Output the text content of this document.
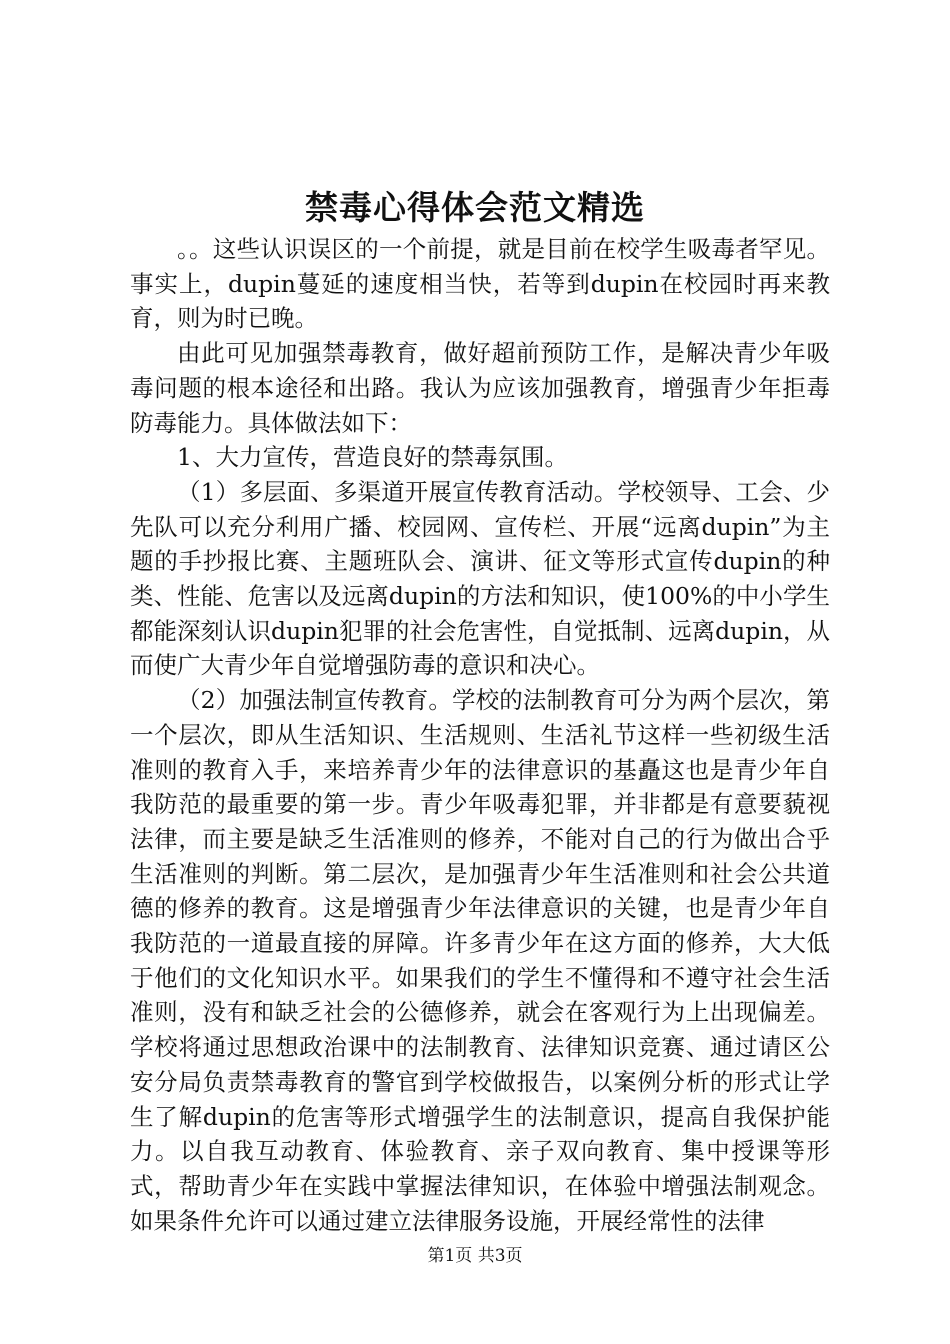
禁毒心得体会范文精选

。。这些认识误区的一个前提，就是目前在校学生吸毒者罕见。事实上，dupin蔓延的速度相当快，若等到dupin在校园时再来教育，则为时已晚。

由此可见加强禁毒教育，做好超前预防工作，是解决青少年吸毒问题的根本途径和出路。我认为应该加强教育，增强青少年拒毒防毒能力。具体做法如下：

1、大力宣传，营造良好的禁毒氛围。

（1）多层面、多渠道开展宣传教育活动。学校领导、工会、少先队可以充分利用广播、校园网、宣传栏、开展“远离dupin”为主题的手抄报比赛、主题班队会、演讲、征文等形式宣传dupin的种类、性能、危害以及远离dupin的方法和知识，使100%的中小学生都能深刻认识dupin犯罪的社会危害性，自觉抵制、远离dupin，从而使广大青少年自觉增强防毒的意识和决心。

（2）加强法制宣传教育。学校的法制教育可分为两个层次，第一个层次，即从生活知识、生活规则、生活礼节这样一些初级生活准则的教育入手，来培养青少年的法律意识的基矗这也是青少年自我防范的最重要的第一步。青少年吸毒犯罪，并非都是有意要藐视法律，而主要是缺乏生活准则的修养，不能对自己的行为做出合乎生活准则的判断。第二层次，是加强青少年生活准则和社会公共道德的修养的教育。这是增强青少年法律意识的关键，也是青少年自我防范的一道最直接的屏障。许多青少年在这方面的修养，大大低于他们的文化知识水平。如果我们的学生不懂得和不遵守社会生活准则，没有和缺乏社会的公德修养，就会在客观行为上出现偏差。学校将通过思想政治课中的法制教育、法律知识竞赛、通过请区公安分局负责禁毒教育的警官到学校做报告，以案例分析的形式让学生了解dupin的危害等形式增强学生的法制意识，提高自我保护能力。以自我互动教育、体验教育、亲子双向教育、集中授课等形式，帮助青少年在实践中掌握法律知识，在体验中增强法制观念。如果条件允许可以通过建立法律服务设施，开展经常性的法律

第1页 共3页
